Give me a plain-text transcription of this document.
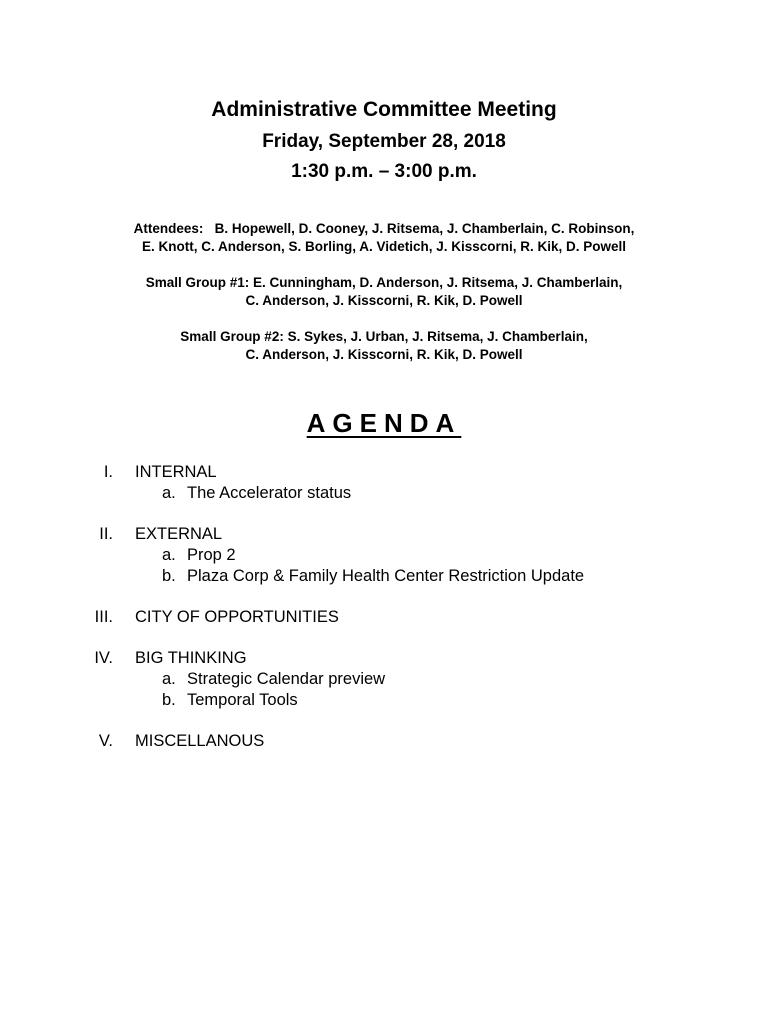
Administrative Committee Meeting
Friday, September 28, 2018
1:30 p.m. – 3:00 p.m.
Attendees:   B. Hopewell, D. Cooney, J. Ritsema, J. Chamberlain, C. Robinson,
E. Knott, C. Anderson, S. Borling, A. Videtich, J. Kisscorni, R. Kik, D. Powell
Small Group #1: E. Cunningham, D. Anderson, J. Ritsema, J. Chamberlain,
C. Anderson, J. Kisscorni, R. Kik, D. Powell
Small Group #2: S. Sykes, J. Urban, J. Ritsema, J. Chamberlain,
C. Anderson, J. Kisscorni, R. Kik, D. Powell
AGENDA
I. INTERNAL
a. The Accelerator status
II. EXTERNAL
a. Prop 2
b. Plaza Corp & Family Health Center Restriction Update
III. CITY OF OPPORTUNITIES
IV. BIG THINKING
a. Strategic Calendar preview
b. Temporal Tools
V. MISCELLANOUS
